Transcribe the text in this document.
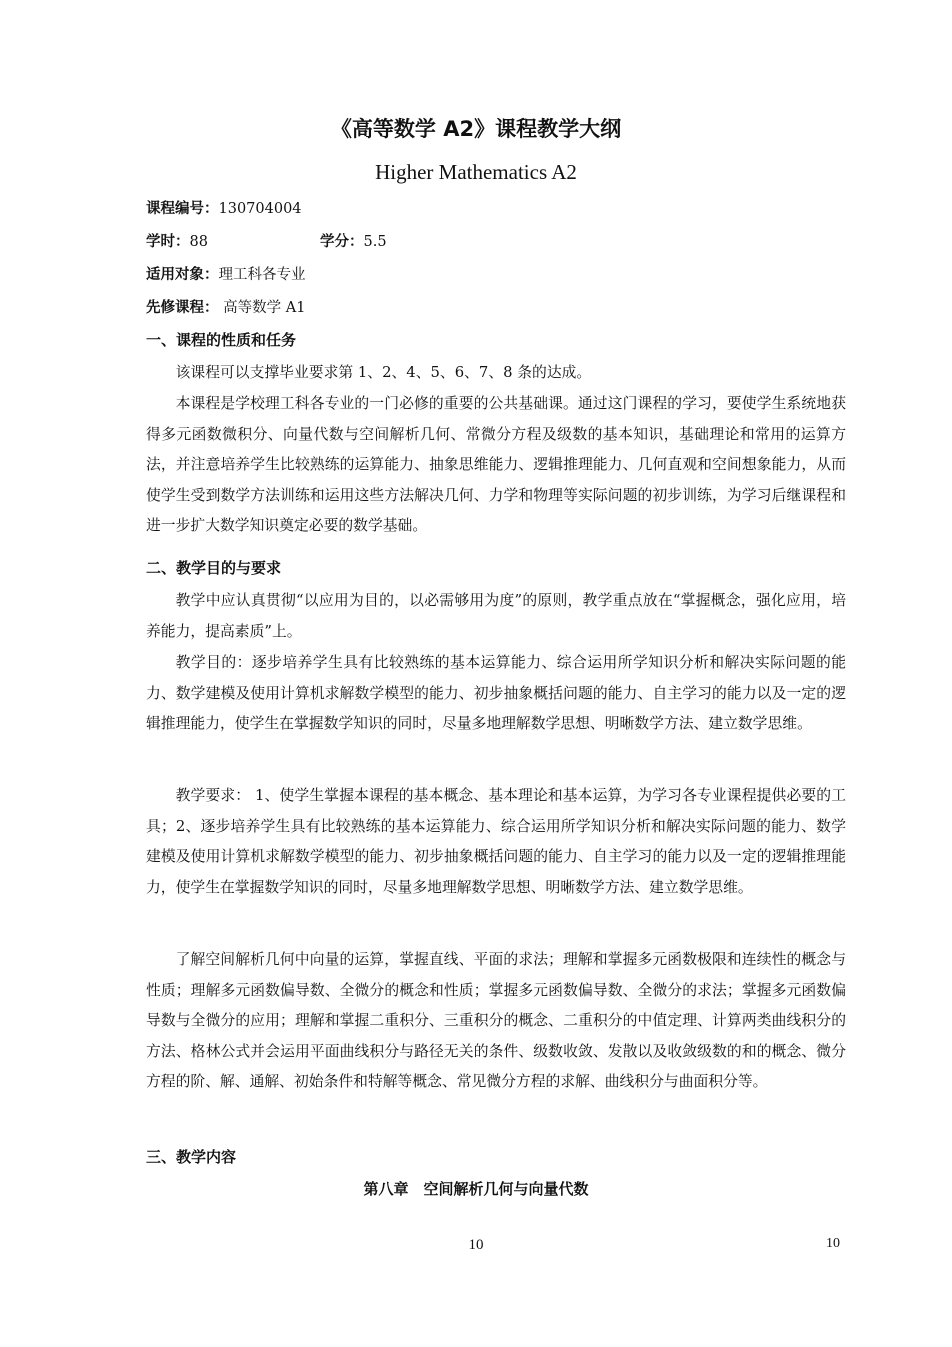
《高等数学 A2》课程教学大纲
Higher Mathematics A2
课程编号：130704004
学时：88	学分：5.5
适用对象：理工科各专业
先修课程： 高等数学 A1
一、课程的性质和任务

该课程可以支撑毕业要求第 1、2、4、5、6、7、8 条的达成。

本课程是学校理工科各专业的一门必修的重要的公共基础课。通过这门课程的学习，要使学生系统地获得多元函数微积分、向量代数与空间解析几何、常微分方程及级数的基本知识，基础理论和常用的运算方法，并注意培养学生比较熟练的运算能力、抽象思维能力、逻辑推理能力、几何直观和空间想象能力，从而使学生受到数学方法训练和运用这些方法解决几何、力学和物理等实际问题的初步训练，为学习后继课程和进一步扩大数学知识奠定必要的数学基础。

二、教学目的与要求

教学中应认真贯彻“以应用为目的，以必需够用为度”的原则，教学重点放在“掌握概念，强化应用，培养能力，提高素质”上。

教学目的：逐步培养学生具有比较熟练的基本运算能力、综合运用所学知识分析和解决实际问题的能力、数学建模及使用计算机求解数学模型的能力、初步抽象概括问题的能力、自主学习的能力以及一定的逻辑推理能力，使学生在掌握数学知识的同时，尽量多地理解数学思想、明晰数学方法、建立数学思维。

教学要求： 1、使学生掌握本课程的基本概念、基本理论和基本运算，为学习各专业课程提供必要的工具；2、逐步培养学生具有比较熟练的基本运算能力、综合运用所学知识分析和解决实际问题的能力、数学建模及使用计算机求解数学模型的能力、初步抽象概括问题的能力、自主学习的能力以及一定的逻辑推理能力，使学生在掌握数学知识的同时，尽量多地理解数学思想、明晰数学方法、建立数学思维。

了解空间解析几何中向量的运算，掌握直线、平面的求法；理解和掌握多元函数极限和连续性的概念与性质；理解多元函数偏导数、全微分的概念和性质；掌握多元函数偏导数、全微分的求法；掌握多元函数偏导数与全微分的应用；理解和掌握二重积分、三重积分的概念、二重积分的中值定理、计算两类曲线积分的方法、格林公式并会运用平面曲线积分与路径无关的条件、级数收敛、发散以及收敛级数的和的概念、微分方程的阶、解、通解、初始条件和特解等概念、常见微分方程的求解、曲线积分与曲面积分等。

三、教学内容
第八章　空间解析几何与向量代数
10	10
